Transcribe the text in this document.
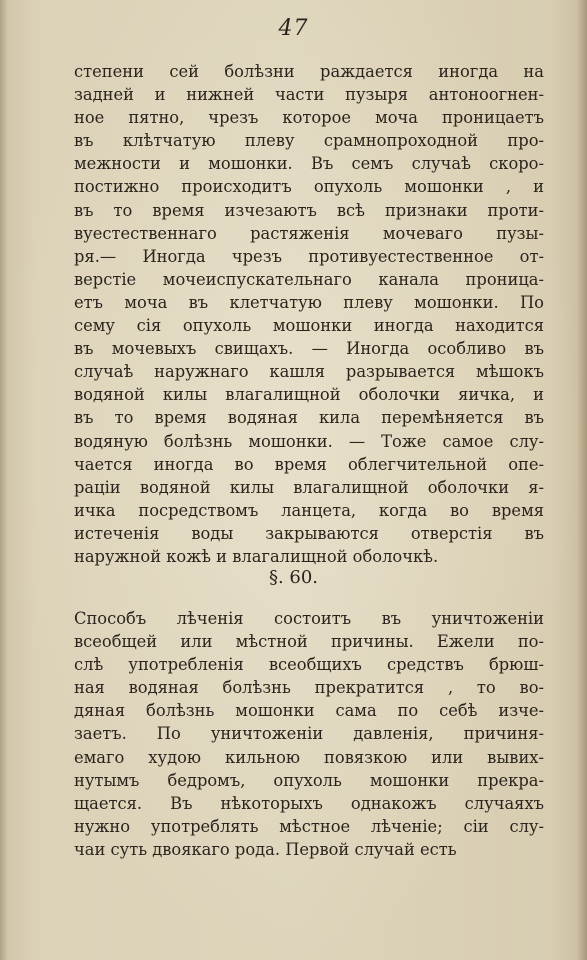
47
степени сей болѣзни раждается иногда на
задней и нижней части пузыря антоноогнен-
ное пятно, чрезъ которое моча проницаетъ
въ клѣтчатую плеву срамнопроходной про-
межности и мошонки. Въ семъ случаѣ скоро-
постижно происходитъ опухоль мошонки , и
въ то время изчезаютъ всѣ признаки проти-
вуестественнаго растяженія мочеваго пузы-
ря.— Иногда чрезъ противуестественное от-
верстіе мочеиспускательнаго канала проница-
етъ моча въ клетчатую плеву мошонки. По
сему сія опухоль мошонки иногда находится
въ мочевыхъ свищахъ. — Иногда особливо въ
случаѣ наружнаго кашля разрывается мѣшокъ
водяной килы влагалищной оболочки яичка, и
въ то время водяная кила перемѣняется въ
водяную болѣзнь мошонки. — Тоже самое слу-
чается иногда во время облегчительной опе-
раціи водяной килы влагалищной оболочки я-
ичка посредствомъ ланцета, когда во время
истеченія воды закрываются отверстія въ
наружной кожѣ и влагалищной оболочкѣ.
§. 60.
Способъ лѣченія состоитъ въ уничтоженіи
всеобщей или мѣстной причины. Ежели по-
слѣ употребленія всеобщихъ средствъ брюш-
ная водяная болѣзнь прекратится , то во-
дяная болѣзнь мошонки сама по себѣ изче-
заетъ. По уничтоженіи давленія, причиня-
емаго худою кильною повязкою или вывих-
нутымъ бедромъ, опухоль мошонки прекра-
щается. Въ нѣкоторыхъ однакожъ случаяхъ
нужно употреблять мѣстное лѣченіе; сіи слу-
чаи суть двоякаго рода. Первой случай есть
